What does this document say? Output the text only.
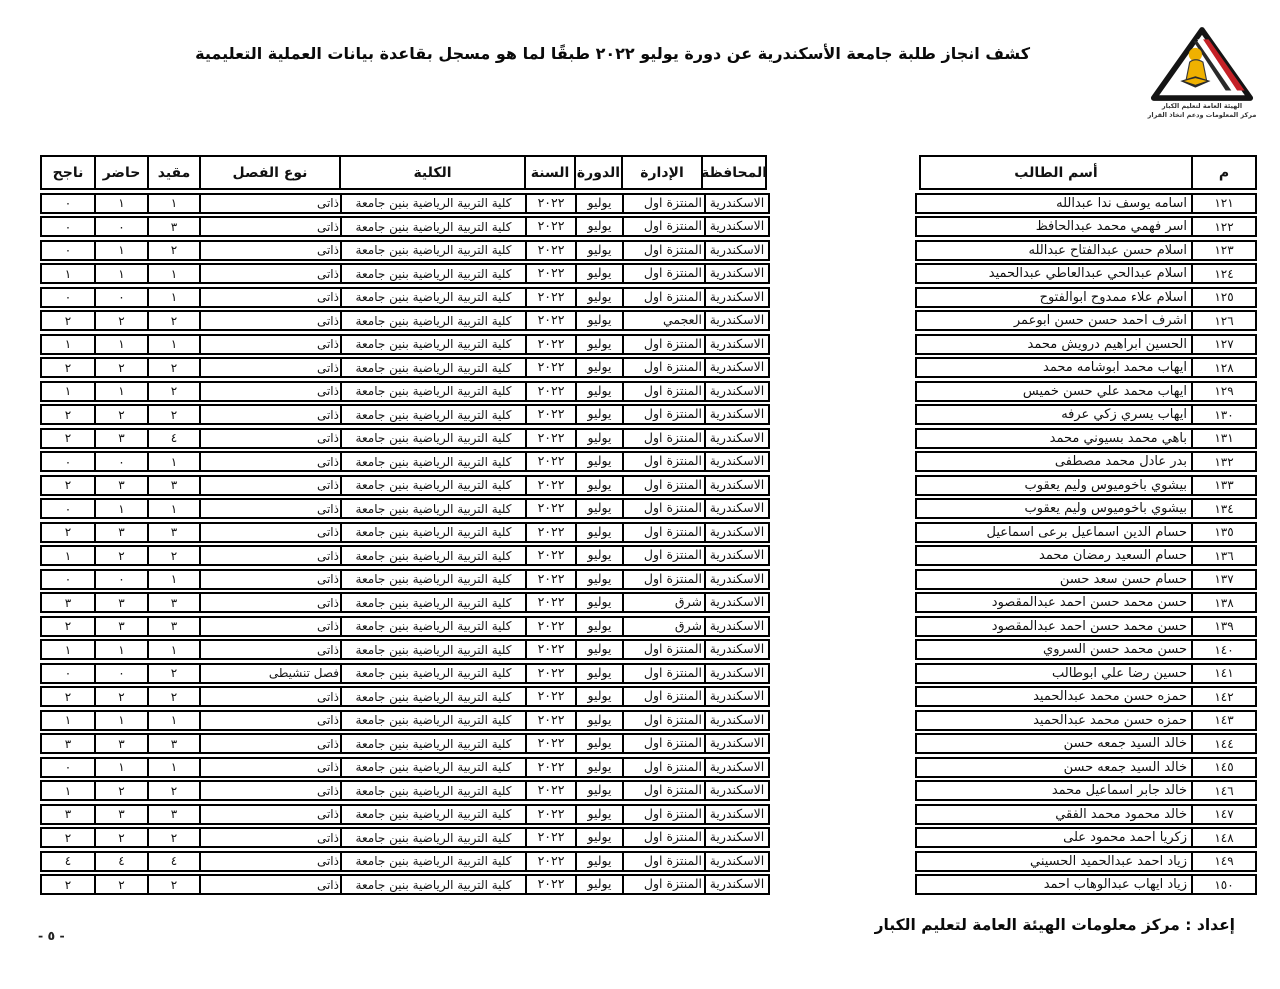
الهيئة العامة لتعليم الكبار
مركز المعلومات ودعم اتخاذ القرار
كشف انجاز طلبة جامعة الأسكندرية عن دورة يوليو ٢٠٢٢ طبقًا لما هو مسجل بقاعدة بيانات العملية التعليمية
م
أسم الطالب
المحافظة
الإدارة
الدورة
السنة
الكلية
نوع الفصل
مقيد
حاضر
ناجح
١٢١
اسامه يوسف ندا عبدالله
الاسكندرية
المنتزة اول
يوليو
٢٠٢٢
كلية التربية الرياضية بنين جامعة
ذاتى
١
١
٠
١٢٢
اسر فهمي محمد عبدالحافظ
الاسكندرية
المنتزة اول
يوليو
٢٠٢٢
كلية التربية الرياضية بنين جامعة
ذاتى
٣
٠
٠
١٢٣
اسلام حسن عبدالفتاح عبدالله
الاسكندرية
المنتزة اول
يوليو
٢٠٢٢
كلية التربية الرياضية بنين جامعة
ذاتى
٢
١
٠
١٢٤
اسلام عبدالحي عبدالعاطي عبدالحميد
الاسكندرية
المنتزة اول
يوليو
٢٠٢٢
كلية التربية الرياضية بنين جامعة
ذاتى
١
١
١
١٢٥
اسلام علاء ممدوح ابوالفتوح
الاسكندرية
المنتزة اول
يوليو
٢٠٢٢
كلية التربية الرياضية بنين جامعة
ذاتى
١
٠
٠
١٢٦
اشرف احمد حسن حسن ابوعمر
الاسكندرية
العجمي
يوليو
٢٠٢٢
كلية التربية الرياضية بنين جامعة
ذاتى
٢
٢
٢
١٢٧
الحسين ابراهيم درويش محمد
الاسكندرية
المنتزة اول
يوليو
٢٠٢٢
كلية التربية الرياضية بنين جامعة
ذاتى
١
١
١
١٢٨
ايهاب محمد ابوشامه محمد
الاسكندرية
المنتزة اول
يوليو
٢٠٢٢
كلية التربية الرياضية بنين جامعة
ذاتى
٢
٢
٢
١٢٩
ايهاب محمد علي حسن خميس
الاسكندرية
المنتزة اول
يوليو
٢٠٢٢
كلية التربية الرياضية بنين جامعة
ذاتى
٢
١
١
١٣٠
ايهاب يسري زكي عرفه
الاسكندرية
المنتزة اول
يوليو
٢٠٢٢
كلية التربية الرياضية بنين جامعة
ذاتى
٢
٢
٢
١٣١
باهي محمد بسيوني محمد
الاسكندرية
المنتزة اول
يوليو
٢٠٢٢
كلية التربية الرياضية بنين جامعة
ذاتى
٤
٣
٢
١٣٢
بدر عادل محمد مصطفى
الاسكندرية
المنتزة اول
يوليو
٢٠٢٢
كلية التربية الرياضية بنين جامعة
ذاتى
١
٠
٠
١٣٣
بيشوي باخوميوس وليم يعقوب
الاسكندرية
المنتزة اول
يوليو
٢٠٢٢
كلية التربية الرياضية بنين جامعة
ذاتى
٣
٣
٢
١٣٤
بيشوي باخوميوس وليم يعقوب
الاسكندرية
المنتزة اول
يوليو
٢٠٢٢
كلية التربية الرياضية بنين جامعة
ذاتى
١
١
٠
١٣٥
حسام الدين اسماعيل برعى اسماعيل
الاسكندرية
المنتزة اول
يوليو
٢٠٢٢
كلية التربية الرياضية بنين جامعة
ذاتى
٣
٣
٢
١٣٦
حسام السعيد رمضان محمد
الاسكندرية
المنتزة اول
يوليو
٢٠٢٢
كلية التربية الرياضية بنين جامعة
ذاتى
٢
٢
١
١٣٧
حسام حسن سعد حسن
الاسكندرية
المنتزة اول
يوليو
٢٠٢٢
كلية التربية الرياضية بنين جامعة
ذاتى
١
٠
٠
١٣٨
حسن محمد حسن احمد عبدالمقصود
الاسكندرية
شرق
يوليو
٢٠٢٢
كلية التربية الرياضية بنين جامعة
ذاتى
٣
٣
٣
١٣٩
حسن محمد حسن احمد عبدالمقصود
الاسكندرية
شرق
يوليو
٢٠٢٢
كلية التربية الرياضية بنين جامعة
ذاتى
٣
٣
٢
١٤٠
حسن محمد حسن السروي
الاسكندرية
المنتزة اول
يوليو
٢٠٢٢
كلية التربية الرياضية بنين جامعة
ذاتى
١
١
١
١٤١
حسين رضا علي ابوطالب
الاسكندرية
المنتزة اول
يوليو
٢٠٢٢
كلية التربية الرياضية بنين جامعة
فصل تنشيطى
٢
٠
٠
١٤٢
حمزه حسن محمد عبدالحميد
الاسكندرية
المنتزة اول
يوليو
٢٠٢٢
كلية التربية الرياضية بنين جامعة
ذاتى
٢
٢
٢
١٤٣
حمزه حسن محمد عبدالحميد
الاسكندرية
المنتزة اول
يوليو
٢٠٢٢
كلية التربية الرياضية بنين جامعة
ذاتى
١
١
١
١٤٤
خالد السيد جمعه حسن
الاسكندرية
المنتزة اول
يوليو
٢٠٢٢
كلية التربية الرياضية بنين جامعة
ذاتى
٣
٣
٣
١٤٥
خالد السيد جمعه حسن
الاسكندرية
المنتزة اول
يوليو
٢٠٢٢
كلية التربية الرياضية بنين جامعة
ذاتى
١
١
٠
١٤٦
خالد جابر اسماعيل محمد
الاسكندرية
المنتزة اول
يوليو
٢٠٢٢
كلية التربية الرياضية بنين جامعة
ذاتى
٢
٢
١
١٤٧
خالد محمود محمد الفقي
الاسكندرية
المنتزة اول
يوليو
٢٠٢٢
كلية التربية الرياضية بنين جامعة
ذاتى
٣
٣
٣
١٤٨
زكريا احمد محمود على
الاسكندرية
المنتزة اول
يوليو
٢٠٢٢
كلية التربية الرياضية بنين جامعة
ذاتى
٢
٢
٢
١٤٩
زياد احمد عبدالحميد الحسيني
الاسكندرية
المنتزة اول
يوليو
٢٠٢٢
كلية التربية الرياضية بنين جامعة
ذاتى
٤
٤
٤
١٥٠
زياد ايهاب عبدالوهاب احمد
الاسكندرية
المنتزة اول
يوليو
٢٠٢٢
كلية التربية الرياضية بنين جامعة
ذاتى
٢
٢
٢
إعداد : مركز معلومات الهيئة العامة لتعليم الكبار
- ٥ -
